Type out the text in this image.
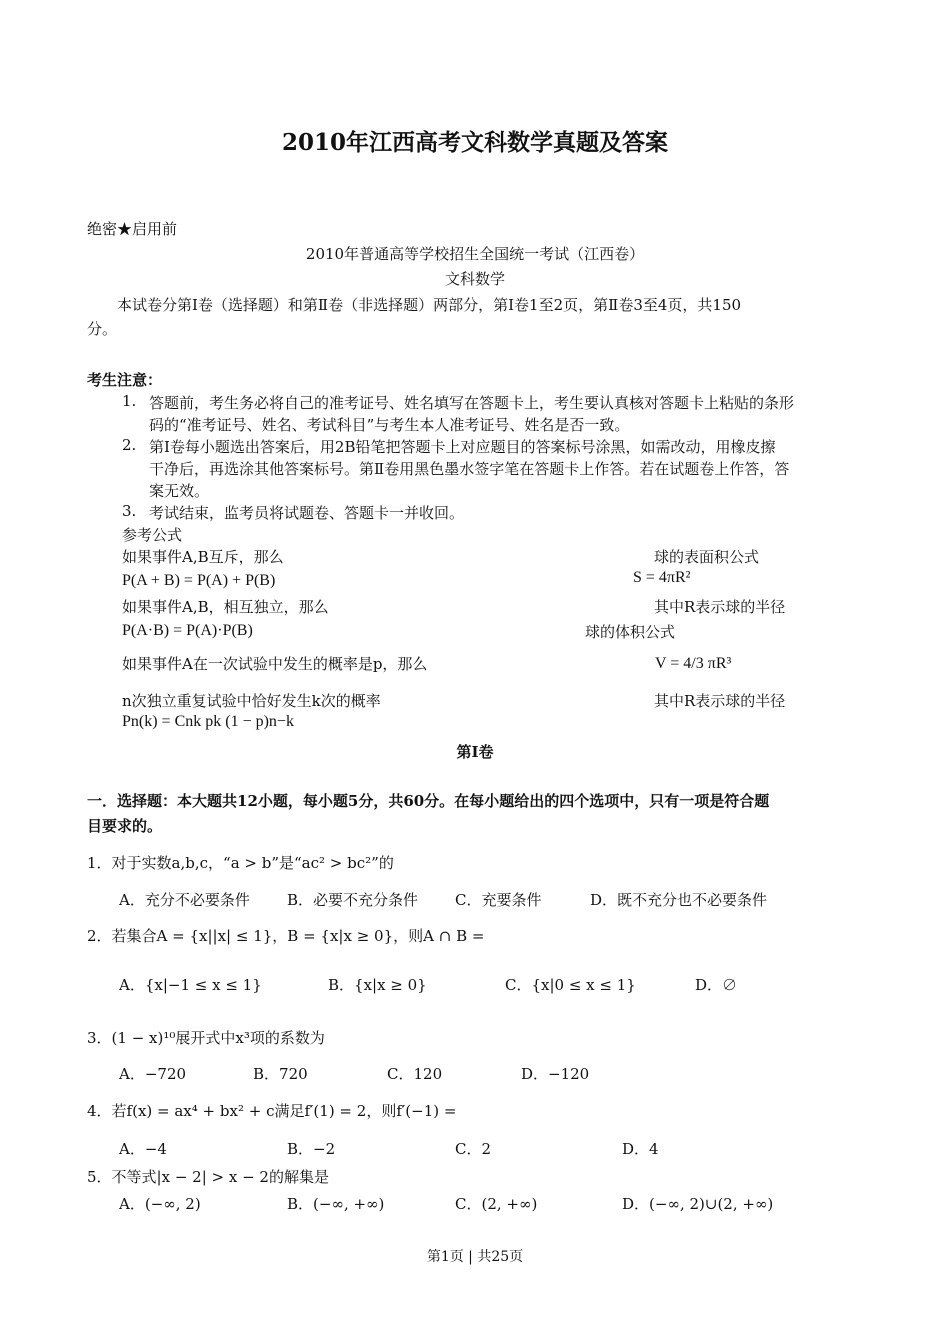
2010年江西高考文科数学真题及答案
绝密★启用前
2010年普通高等学校招生全国统一考试（江西卷）
文科数学
本试卷分第Ⅰ卷（选择题）和第Ⅱ卷（非选择题）两部分，第Ⅰ卷1至2页，第Ⅱ卷3至4页，共150
分。
考生注意：
1. 答题前，考生务必将自己的准考证号、姓名填写在答题卡上，考生要认真核对答题卡上粘贴的条形
码的“准考证号、姓名、考试科目”与考生本人准考证号、姓名是否一致。
2. 第Ⅰ卷每小题选出答案后，用2B铅笔把答题卡上对应题目的答案标号涂黑，如需改动，用橡皮擦
干净后，再选涂其他答案标号。第Ⅱ卷用黑色墨水签字笔在答题卡上作答。若在试题卷上作答，答
案无效。
3. 考试结束，监考员将试题卷、答题卡一并收回。
参考公式
如果事件A,B互斥，那么
P(A + B) = P(A) + P(B)
如果事件A,B，相互独立，那么
P(A·B) = P(A)·P(B)
如果事件A在一次试验中发生的概率是p，那么
n次独立重复试验中恰好发生k次的概率
Pn(k) = Cnk pk (1 − p)n−k
球的表面积公式
S = 4πR²
其中R表示球的半径
球的体积公式
V = 4/3 πR³
其中R表示球的半径
第Ⅰ卷
一．选择题：本大题共12小题，每小题5分，共60分。在每小题给出的四个选项中，只有一项是符合题
目要求的。
1．对于实数a,b,c，“a > b”是“ac² > bc²”的
A．充分不必要条件 B．必要不充分条件 C．充要条件	D．既不充分也不必要条件
2．若集合A = {x||x| ≤ 1}，B = {x|x ≥ 0}，则A ∩ B =
A．{x|−1 ≤ x ≤ 1}	B．{x|x ≥ 0}	C．{x|0 ≤ x ≤ 1}	D．∅
3．(1 − x)¹⁰展开式中x³项的系数为
A．−720	B．720	C．120	D．−120
4．若f(x) = ax⁴ + bx² + c满足f′(1) = 2，则f′(−1) =
A．−4	B．−2	C．2	D．4
5．不等式|x − 2| > x − 2的解集是
A．(−∞, 2)	B．(−∞, +∞)	C．(2, +∞)	D．(−∞, 2)∪(2, +∞)
第1页 | 共25页
